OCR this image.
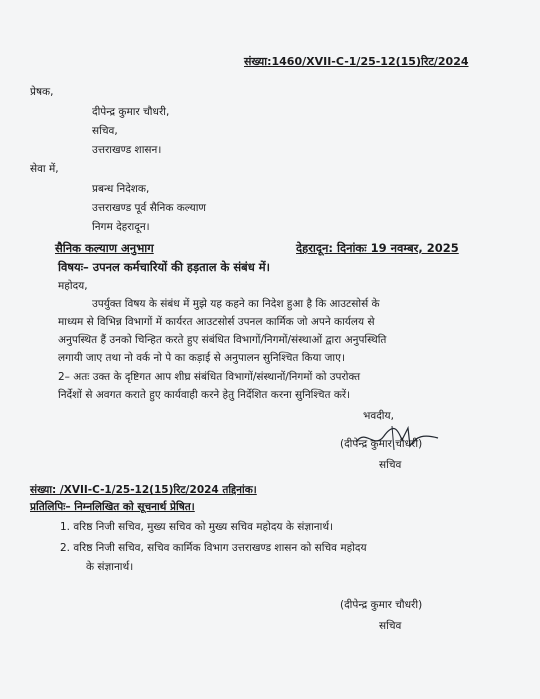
संख्या:1460/XVII-C-1/25-12(15)रिट/2024
प्रेषक,
दीपेन्द्र कुमार चौधरी,
सचिव,
उत्तराखण्ड शासन।
सेवा में,
प्रबन्ध निदेशक,
उत्तराखण्ड पूर्व सैनिक कल्याण
निगम देहरादून।
सैनिक कल्याण अनुभाग	देहरादून: दिनांकः 19 नवम्बर, 2025
विषयः– उपनल कर्मचारियों की हड़ताल के संबंध में।
महोदय,
उपर्युक्त विषय के संबंध में मुझे यह कहने का निदेश हुआ है कि आउटसोर्स के
माध्यम से विभिन्न विभागों में कार्यरत आउटसोर्स उपनल कार्मिक जो अपने कार्यलय से
अनुपस्थित हैं उनको चिन्हित करते हुए संबंधित विभागों/निगमों/संस्थाओं द्वारा अनुपस्थिति
लगायी जाए तथा नो वर्क नो पे का कड़ाई से अनुपालन सुनिश्चित किया जाए।
2– अतः उक्त के दृष्टिगत आप शीघ्र संबंधित विभागों/संस्थानों/निगमों को उपरोक्त
निर्देशों से अवगत कराते हुए कार्यवाही करने हेतु निर्देशित करना सुनिश्चित करें।
भवदीय,
(दीपेन्द्र कुमार चौधरी)
सचिव
संख्या: /XVII-C-1/25-12(15)रिट/2024 तद्दिनांक।
प्रतिलिपिः– निम्नलिखित को सूचनार्थ प्रेषित।
1. वरिष्ठ निजी सचिव, मुख्य सचिव को मुख्य सचिव महोदय के संज्ञानार्थ।
2. वरिष्ठ निजी सचिव, सचिव कार्मिक विभाग उत्तराखण्ड शासन को सचिव महोदय
के संज्ञानार्थ।
(दीपेन्द्र कुमार चौधरी)
सचिव
